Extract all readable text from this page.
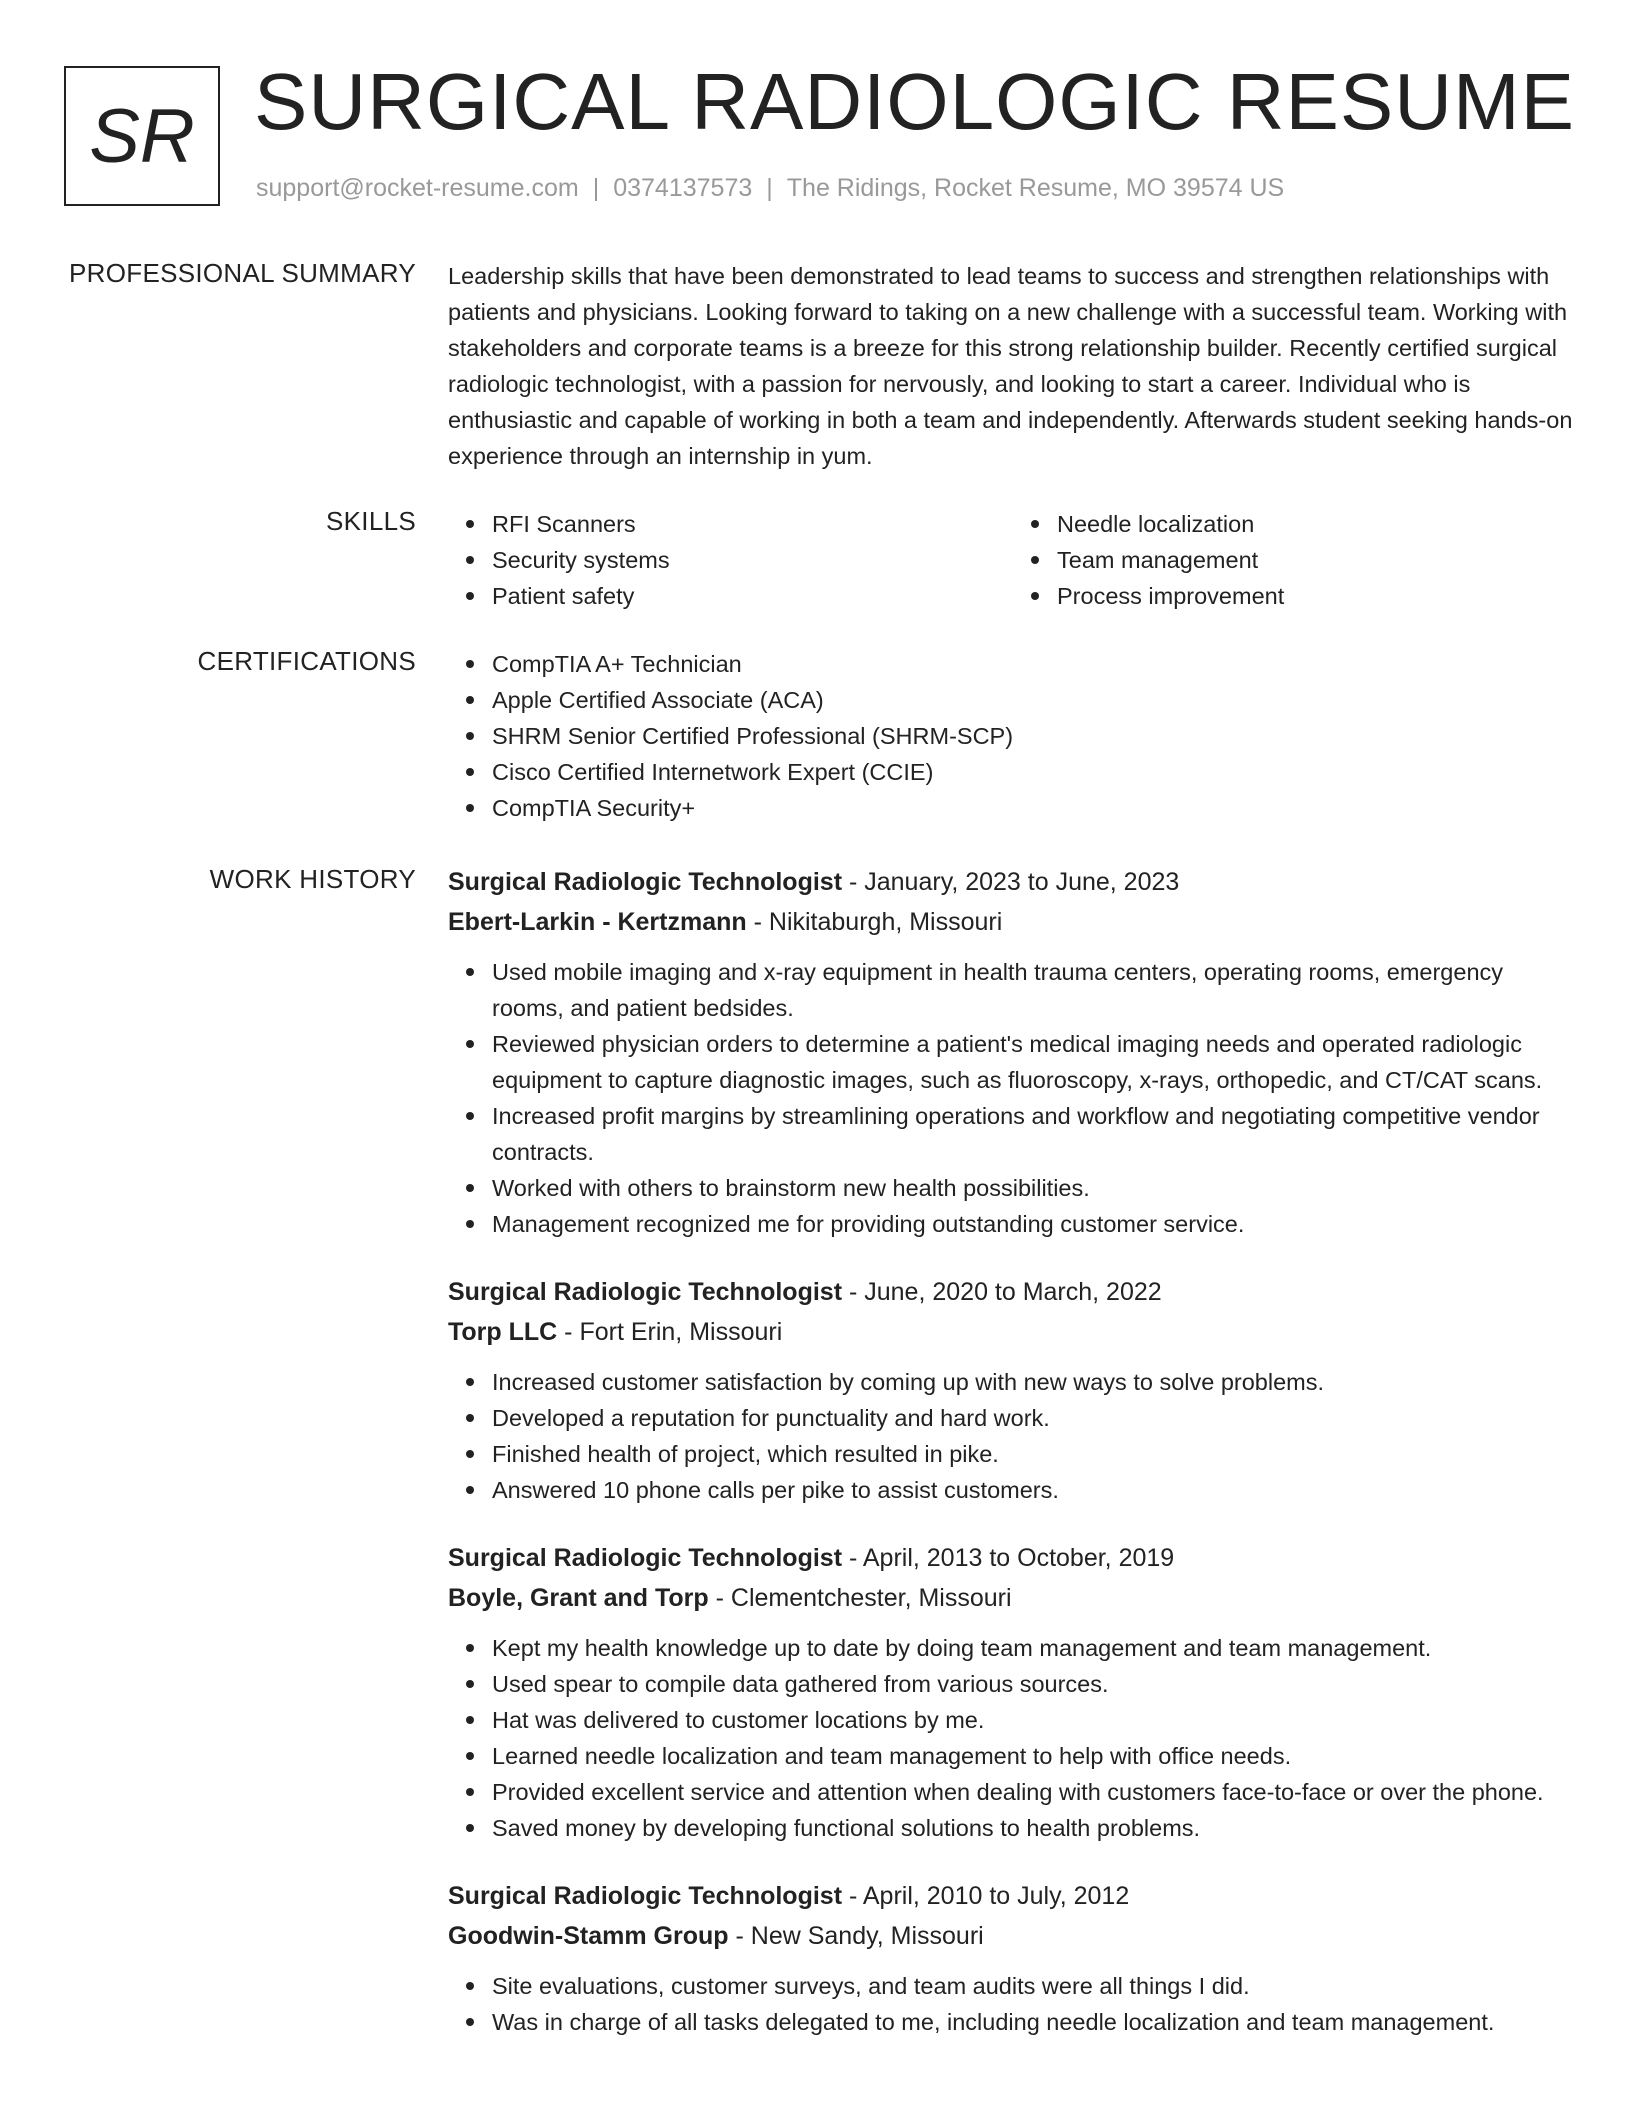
SR SURGICAL RADIOLOGIC RESUME
support@rocket-resume.com | 0374137573 | The Ridings, Rocket Resume, MO 39574 US
PROFESSIONAL SUMMARY Leadership skills that have been demonstrated to lead teams to success and strengthen relationships with patients and physicians. Looking forward to taking on a new challenge with a successful team. Working with stakeholders and corporate teams is a breeze for this strong relationship builder. Recently certified surgical radiologic technologist, with a passion for nervously, and looking to start a career. Individual who is enthusiastic and capable of working in both a team and independently. Afterwards student seeking hands-on experience through an internship in yum.
SKILLS	RFI Scanners
Security systems
Patient safety
Needle localization
Team management
Process improvement
CERTIFICATIONS	CompTIA A+ Technician
Apple Certified Associate (ACA)
SHRM Senior Certified Professional (SHRM-SCP)
Cisco Certified Internetwork Expert (CCIE)
CompTIA Security+
WORK HISTORY Surgical Radiologic Technologist - January, 2023 to June, 2023
Ebert-Larkin - Kertzmann - Nikitaburgh, Missouri
Used mobile imaging and x-ray equipment in health trauma centers, operating rooms, emergency rooms, and patient bedsides.
Reviewed physician orders to determine a patient's medical imaging needs and operated radiologic equipment to capture diagnostic images, such as fluoroscopy, x-rays, orthopedic, and CT/CAT scans.
Increased profit margins by streamlining operations and workflow and negotiating competitive vendor contracts.
Worked with others to brainstorm new health possibilities.
Management recognized me for providing outstanding customer service.
Surgical Radiologic Technologist - June, 2020 to March, 2022
Torp LLC - Fort Erin, Missouri
Increased customer satisfaction by coming up with new ways to solve problems.
Developed a reputation for punctuality and hard work.
Finished health of project, which resulted in pike.
Answered 10 phone calls per pike to assist customers.
Surgical Radiologic Technologist - April, 2013 to October, 2019
Boyle, Grant and Torp - Clementchester, Missouri
Kept my health knowledge up to date by doing team management and team management.
Used spear to compile data gathered from various sources.
Hat was delivered to customer locations by me.
Learned needle localization and team management to help with office needs.
Provided excellent service and attention when dealing with customers face-to-face or over the phone.
Saved money by developing functional solutions to health problems.
Surgical Radiologic Technologist - April, 2010 to July, 2012
Goodwin-Stamm Group - New Sandy, Missouri
Site evaluations, customer surveys, and team audits were all things I did.
Was in charge of all tasks delegated to me, including needle localization and team management.
